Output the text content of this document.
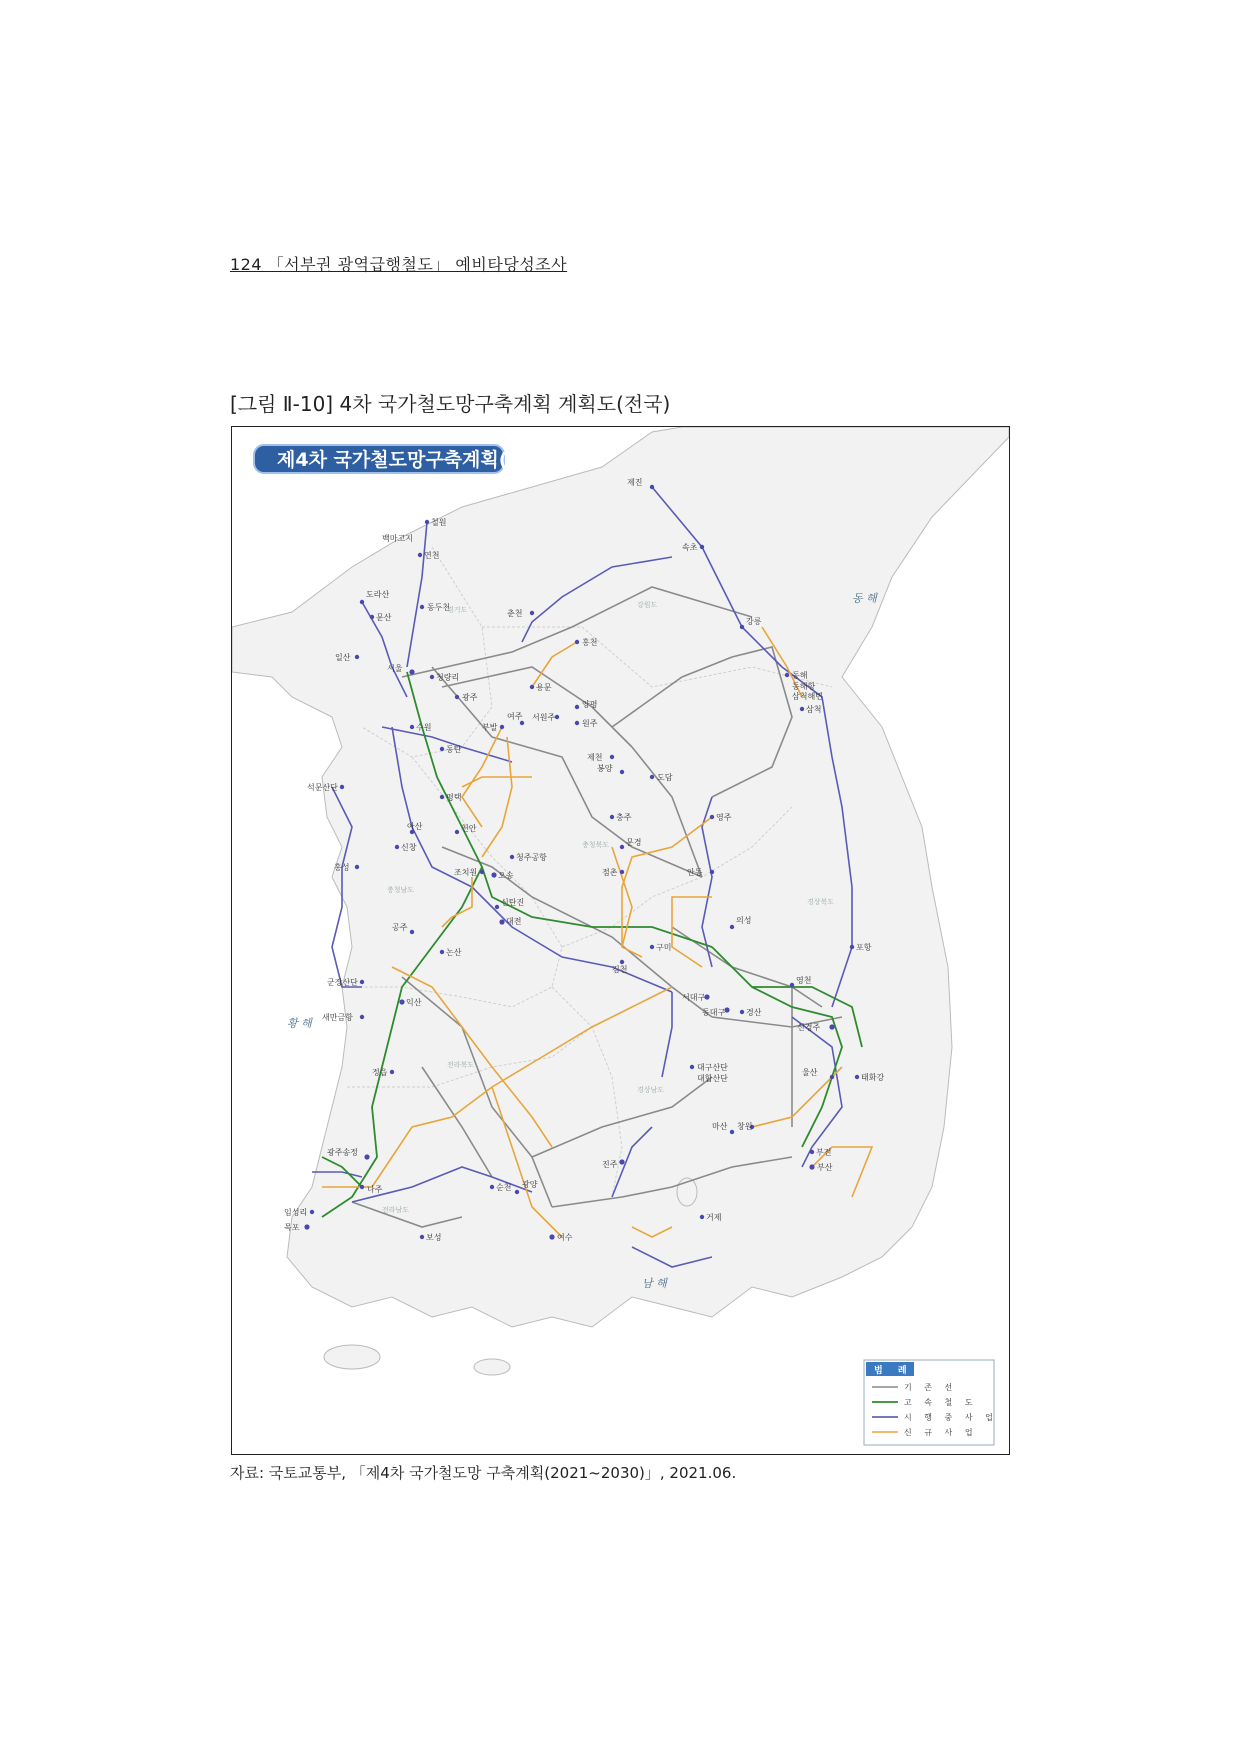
124 「서부권 광역급행철도」 예비타당성조사
[그림 Ⅱ-10] 4차 국가철도망구축계획 계획도(전국)
경기도
강원도
충청북도
충청남도
경상북도
전라북도
경상남도
전라남도
동 해
황 해
남 해
철원
백마고지
연천
제진
속초
도라산
문산
동두천
춘천
강릉
일산
홍천
동해
동해항
삼척해변
삼척
서울
청량리
용문
원주
서원주
양평
수원
광주
여주
부발
동탄
평택
석문산단
천안
아산
신창
청주공항
조치원	오송
홍성
충주	영주
안동
도담
봉양
제천
문경
점촌
신탄진
대전
논산
공주
익산
군장산단
새만금항
김천
구미
서대구
동대구	경산
영천
포항
신경주
울산
부산
부전
태화강
광주송정
나주
목포
임성리
보성
순천 광양
여수
진주
거제
마산 창원
의성
대구산단
대합산단
정읍
제4차 국가철도망구축계획(안)
범 례
기 존 선
고 속 철 도
시 행 중 사 업
신 규 사 업
자료: 국토교통부, 「제4차 국가철도망 구축계획(2021~2030)」, 2021.06.
